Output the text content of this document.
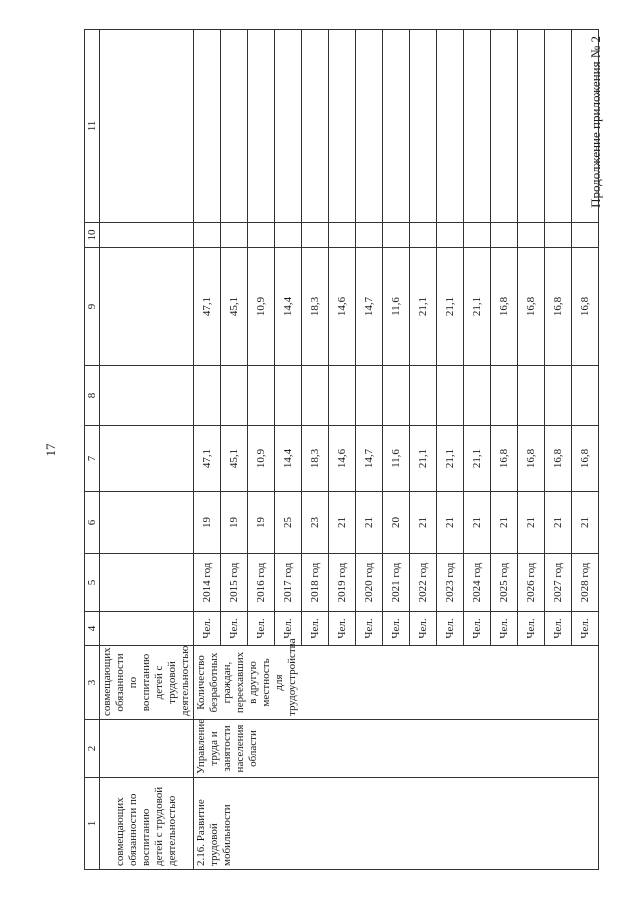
17
Продолжение приложения № 2
1	2	3	4	5	6	7	8	9	10	11
совмещающих обязанности по воспитанию детей с трудовой деятельностью		совмещающих обязанности по воспитанию детей с трудовой деятельностью								
2.16. Развитие трудовой мобильности	Управление труда и занятости населения области	Количество безработных граждан, переехавших в другую местность для трудоустройства	Чел.	2014 год	19	47,1		47,1		
			Чел.	2015 год	19	45,1		45,1		
			Чел.	2016 год	19	10,9		10,9		
			Чел.	2017 год	25	14,4		14,4		
			Чел.	2018 год	23	18,3		18,3		
			Чел.	2019 год	21	14,6		14,6		
			Чел.	2020 год	21	14,7		14,7		
			Чел.	2021 год	20	11,6		11,6		
			Чел.	2022 год	21	21,1		21,1		
			Чел.	2023 год	21	21,1		21,1		
			Чел.	2024 год	21	21,1		21,1		
			Чел.	2025 год	21	16,8		16,8		
			Чел.	2026 год	21	16,8		16,8		
			Чел.	2027 год	21	16,8		16,8		
			Чел.	2028 год	21	16,8		16,8		
